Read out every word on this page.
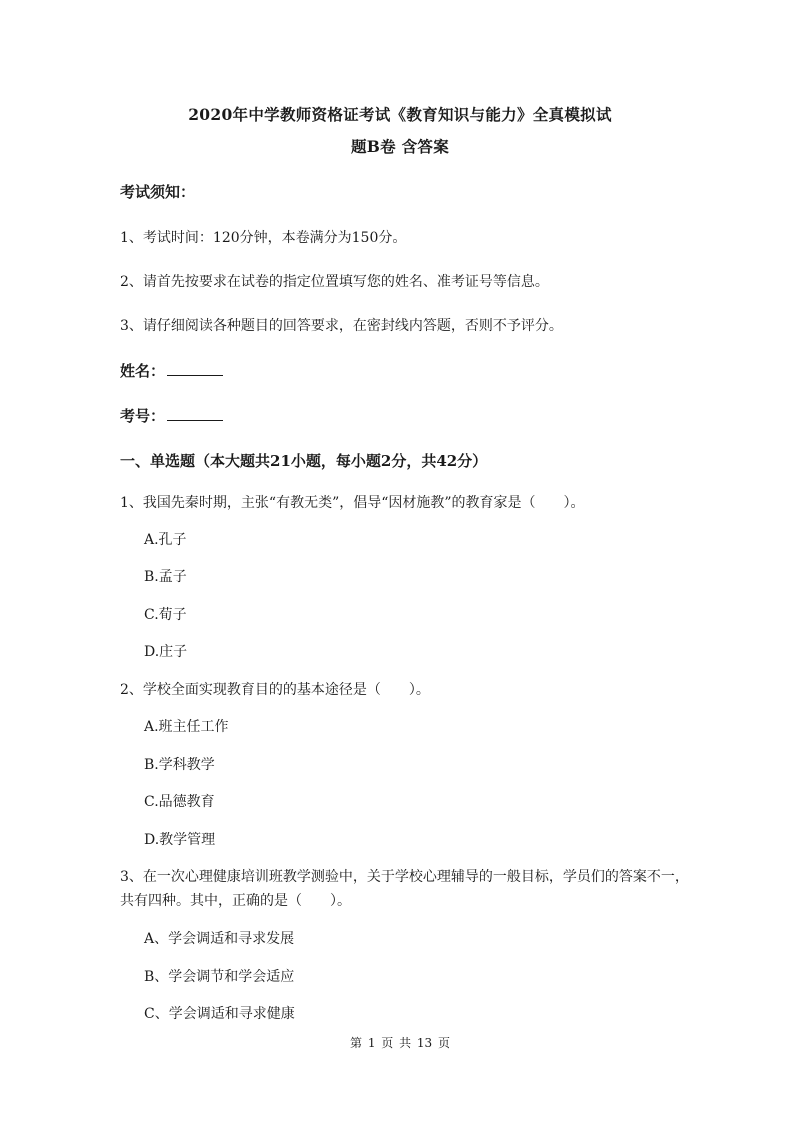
2020年中学教师资格证考试《教育知识与能力》全真模拟试
题B卷 含答案
考试须知：
1、考试时间：120分钟，本卷满分为150分。
2、请首先按要求在试卷的指定位置填写您的姓名、准考证号等信息。
3、请仔细阅读各种题目的回答要求，在密封线内答题，否则不予评分。
姓名：
考号：
一、单选题（本大题共21小题，每小题2分，共42分）
1、我国先秦时期，主张“有教无类”，倡导“因材施教”的教育家是（　　）。
A.孔子
B.孟子
C.荀子
D.庄子
2、学校全面实现教育目的的基本途径是（　　）。
A.班主任工作
B.学科教学
C.品德教育
D.教学管理
3、在一次心理健康培训班教学测验中，关于学校心理辅导的一般目标，学员们的答案不一，
共有四种。其中，正确的是（　　）。
A、学会调适和寻求发展
B、学会调节和学会适应
C、学会调适和寻求健康
第 1 页 共 13 页
